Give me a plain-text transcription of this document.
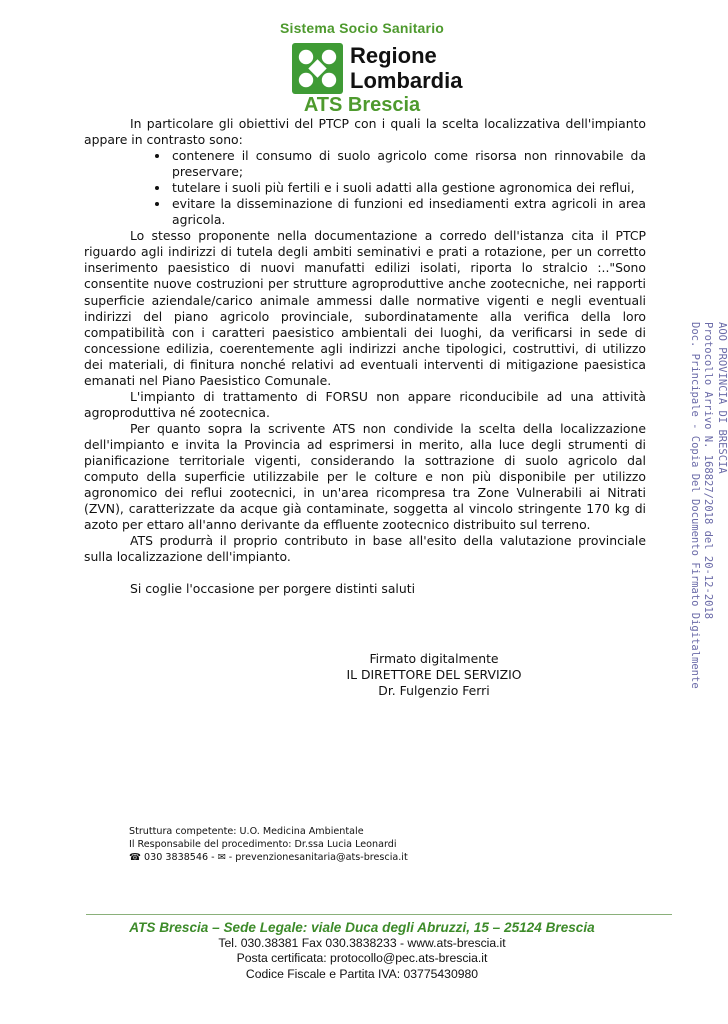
Sistema Socio Sanitario
Regione
Lombardia
ATS Brescia

In particolare gli obiettivi del PTCP con i quali la scelta localizzativa dell'impianto appare in contrasto sono:

• contenere il consumo di suolo agricolo come risorsa non rinnovabile da preservare;
• tutelare i suoli più fertili e i suoli adatti alla gestione agronomica dei reflui,
• evitare la disseminazione di funzioni ed insediamenti extra agricoli in area agricola.

Lo stesso proponente nella documentazione a corredo dell'istanza cita il PTCP riguardo agli indirizzi di tutela degli ambiti seminativi e prati a rotazione, per un corretto inserimento paesistico di nuovi manufatti edilizi isolati, riporta lo stralcio :.."Sono consentite nuove costruzioni per strutture agroproduttive anche zootecniche, nei rapporti superficie aziendale/carico animale ammessi dalle normative vigenti e negli eventuali indirizzi del piano agricolo provinciale, subordinatamente alla verifica della loro compatibilità con i caratteri paesistico ambientali dei luoghi, da verificarsi in sede di concessione edilizia, coerentemente agli indirizzi anche tipologici, costruttivi, di utilizzo dei materiali, di finitura nonché relativi ad eventuali interventi di mitigazione paesistica emanati nel Piano Paesistico Comunale.

L'impianto di trattamento di FORSU non appare riconducibile ad una attività agroproduttiva né zootecnica.

Per quanto sopra la scrivente ATS non condivide la scelta della localizzazione dell'impianto e invita la Provincia ad esprimersi in merito, alla luce degli strumenti di pianificazione territoriale vigenti, considerando la sottrazione di suolo agricolo dal computo della superficie utilizzabile per le colture e non più disponibile per utilizzo agronomico dei reflui zootecnici, in un'area ricompresa tra Zone Vulnerabili ai Nitrati (ZVN), caratterizzate da acque già contaminate, soggetta al vincolo stringente 170 kg di azoto per ettaro all'anno derivante da effluente zootecnico distribuito sul terreno.

ATS produrrà il proprio contributo in base all'esito della valutazione provinciale sulla localizzazione dell'impianto.

Si coglie l'occasione per porgere distinti saluti

Firmato digitalmente
IL DIRETTORE DEL SERVIZIO
Dr. Fulgenzio Ferri
Struttura competente: U.O. Medicina Ambientale
Il Responsabile del procedimento: Dr.ssa Lucia Leonardi
☎ 030 3838546 - ✉ - prevenzionesanitaria@ats-brescia.it
AOO PROVINCIA DI BRESCIA
Protocollo Arrivo N. 168827/2018 del 20-12-2018
Doc. Principale - Copia Del Documento Firmato Digitalmente
ATS Brescia – Sede Legale: viale Duca degli Abruzzi, 15 – 25124 Brescia
Tel. 030.38381 Fax 030.3838233 - www.ats-brescia.it
Posta certificata: protocollo@pec.ats-brescia.it
Codice Fiscale e Partita IVA: 03775430980
